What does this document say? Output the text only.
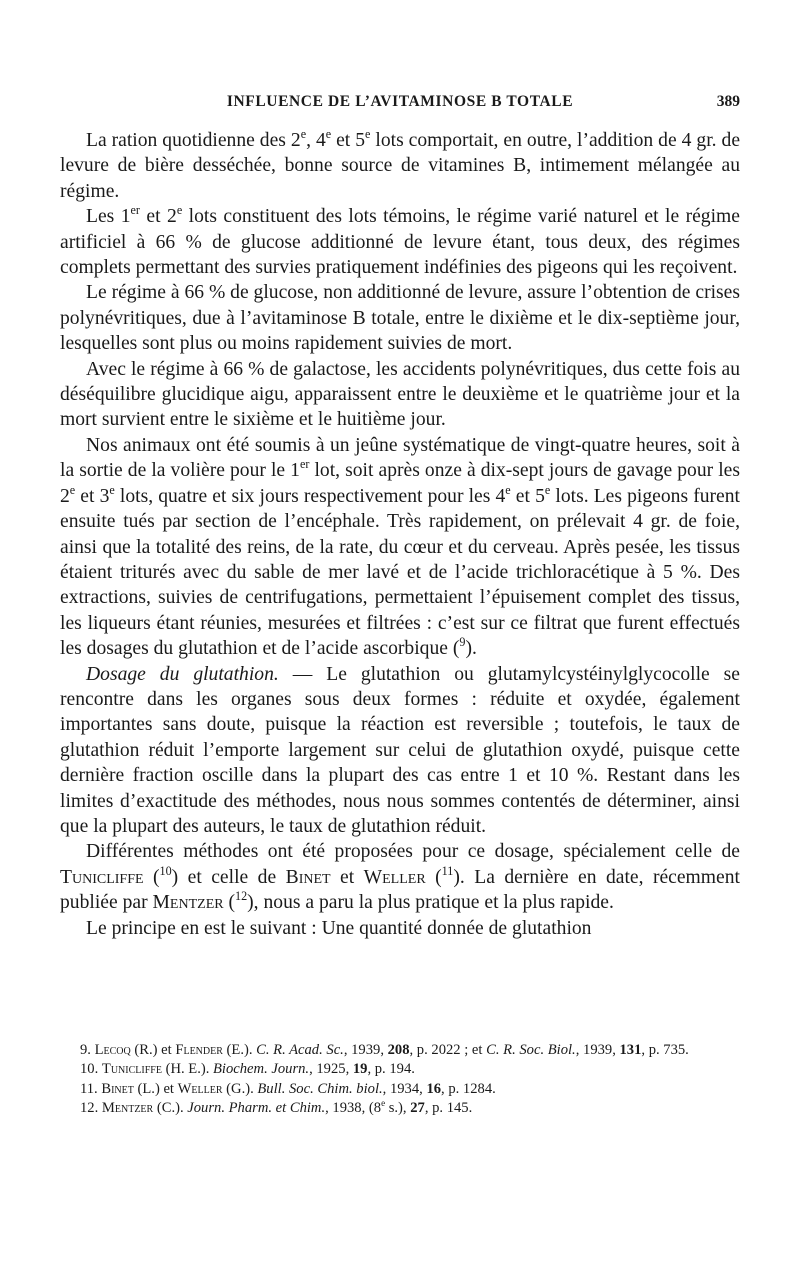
INFLUENCE DE L’AVITAMINOSE B TOTALE	389

La ration quotidienne des 2e, 4e et 5e lots comportait, en outre, l’addition de 4 gr. de levure de bière desséchée, bonne source de vitamines B, intimement mélangée au régime.

Les 1er et 2e lots constituent des lots témoins, le régime varié naturel et le régime artificiel à 66 % de glucose additionné de levure étant, tous deux, des régimes complets permettant des survies pratiquement indéfinies des pigeons qui les reçoivent.

Le régime à 66 % de glucose, non additionné de levure, assure l’obtention de crises polynévritiques, due à l’avitaminose B totale, entre le dixième et le dix-septième jour, lesquelles sont plus ou moins rapidement suivies de mort.

Avec le régime à 66 % de galactose, les accidents polynévritiques, dus cette fois au déséquilibre glucidique aigu, apparaissent entre le deuxième et le quatrième jour et la mort survient entre le sixième et le huitième jour.

Nos animaux ont été soumis à un jeûne systématique de vingt-quatre heures, soit à la sortie de la volière pour le 1er lot, soit après onze à dix-sept jours de gavage pour les 2e et 3e lots, quatre et six jours respectivement pour les 4e et 5e lots. Les pigeons furent ensuite tués par section de l’encéphale. Très rapidement, on prélevait 4 gr. de foie, ainsi que la totalité des reins, de la rate, du cœur et du cerveau. Après pesée, les tissus étaient triturés avec du sable de mer lavé et de l’acide trichloracétique à 5 %. Des extractions, suivies de centrifugations, permettaient l’épuisement complet des tissus, les liqueurs étant réunies, mesurées et filtrées : c’est sur ce filtrat que furent effectués les dosages du glutathion et de l’acide ascorbique ($^9$).

Dosage du glutathion. — Le glutathion ou glutamylcystéinylglycocolle se rencontre dans les organes sous deux formes : réduite et oxydée, également importantes sans doute, puisque la réaction est reversible ; toutefois, le taux de glutathion réduit l’emporte largement sur celui de glutathion oxydé, puisque cette dernière fraction oscille dans la plupart des cas entre 1 et 10 %. Restant dans les limites d’exactitude des méthodes, nous nous sommes contentés de déterminer, ainsi que la plupart des auteurs, le taux de glutathion réduit.

Différentes méthodes ont été proposées pour ce dosage, spécialement celle de Tunicliffe ($^{10}$) et celle de Binet et Weller ($^{11}$). La dernière en date, récemment publiée par Mentzer ($^{12}$), nous a paru la plus pratique et la plus rapide.

Le principe en est le suivant : Une quantité donnée de glutathion

9. Lecoq (R.) et Flender (E.). C. R. Acad. Sc., 1939, 208, p. 2022 ; et C. R. Soc. Biol., 1939, 131, p. 735.

10. Tunicliffe (H. E.). Biochem. Journ., 1925, 19, p. 194.

11. Binet (L.) et Weller (G.). Bull. Soc. Chim. biol., 1934, 16, p. 1284.

12. Mentzer (C.). Journ. Pharm. et Chim., 1938, (8e s.), 27, p. 145.
